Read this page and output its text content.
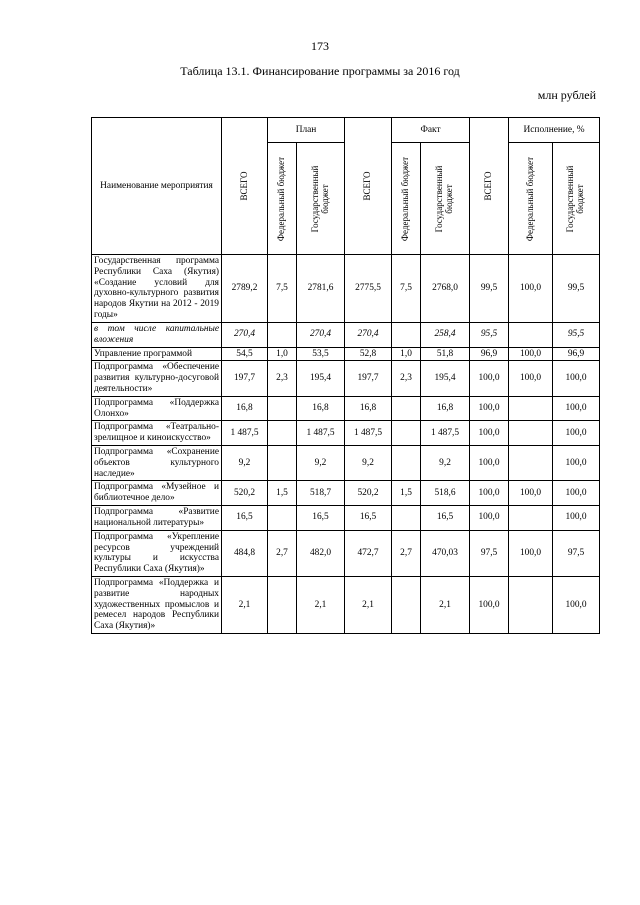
173
Таблица 13.1. Финансирование программы за 2016 год
млн рублей
Наименование мероприятия	ВСЕГО	План		ВСЕГО	Факт		ВСЕГО	Исполнение, %	

		Федеральный бюджет	Государственный бюджет		Федеральный бюджет	Государственный бюджет		Федеральный бюджет	Государственный бюджет

Государственная программа Республики Саха (Якутия) «Создание условий для духовно-культурного развития народов Якутии на 2012 - 2019 годы»	2789,2	7,5	2781,6	2775,5	7,5	2768,0	99,5	100,0	99,5
в том числе капитальные вложения	270,4		270,4	270,4		258,4	95,5		95,5
Управление программой	54,5	1,0	53,5	52,8	1,0	51,8	96,9	100,0	96,9
Подпрограмма «Обеспечение развития культурно-досуговой деятельности»	197,7	2,3	195,4	197,7	2,3	195,4	100,0	100,0	100,0
Подпрограмма «Поддержка Олонхо»	16,8		16,8	16,8		16,8	100,0		100,0
Подпрограмма «Театрально-зрелищное и киноискусство»	1 487,5		1 487,5	1 487,5		1 487,5	100,0		100,0
Подпрограмма «Сохранение объектов культурного наследие»	9,2		9,2	9,2		9,2	100,0		100,0
Подпрограмма «Музейное и библиотечное дело»	520,2	1,5	518,7	520,2	1,5	518,6	100,0	100,0	100,0
Подпрограмма «Развитие национальной литературы»	16,5		16,5	16,5		16,5	100,0		100,0
Подпрограмма «Укрепление ресурсов учреждений культуры и искусства Республики Саха (Якутия)»	484,8	2,7	482,0	472,7	2,7	470,03	97,5	100,0	97,5
Подпрограмма «Поддержка и развитие народных художественных промыслов и ремесел народов Республики Саха (Якутия)»	2,1		2,1	2,1		2,1	100,0		100,0
